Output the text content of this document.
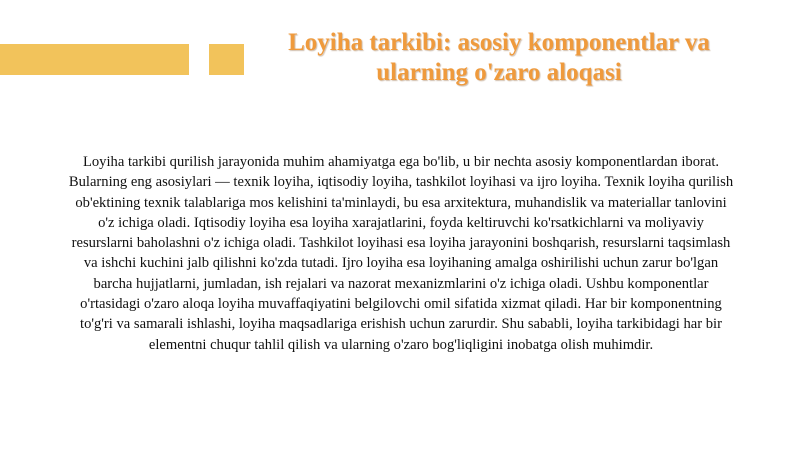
Loyiha tarkibi: asosiy komponentlar va ularning o'zaro aloqasi

Loyiha tarkibi qurilish jarayonida muhim ahamiyatga ega bo'lib, u bir nechta asosiy komponentlardan iborat. Bularning eng asosiylari — texnik loyiha, iqtisodiy loyiha, tashkilot loyihasi va ijro loyiha. Texnik loyiha qurilish ob'ektining texnik talablariga mos kelishini ta'minlaydi, bu esa arxitektura, muhandislik va materiallar tanlovini o'z ichiga oladi. Iqtisodiy loyiha esa loyiha xarajatlarini, foyda keltiruvchi ko'rsatkichlarni va moliyaviy resurslarni baholashni o'z ichiga oladi. Tashkilot loyihasi esa loyiha jarayonini boshqarish, resurslarni taqsimlash va ishchi kuchini jalb qilishni ko'zda tutadi. Ijro loyiha esa loyihaning amalga oshirilishi uchun zarur bo'lgan barcha hujjatlarni, jumladan, ish rejalari va nazorat mexanizmlarini o'z ichiga oladi. Ushbu komponentlar o'rtasidagi o'zaro aloqa loyiha muvaffaqiyatini belgilovchi omil sifatida xizmat qiladi. Har bir komponentning to'g'ri va samarali ishlashi, loyiha maqsadlariga erishish uchun zarurdir. Shu sababli, loyiha tarkibidagi har bir elementni chuqur tahlil qilish va ularning o'zaro bog'liqligini inobatga olish muhimdir.
